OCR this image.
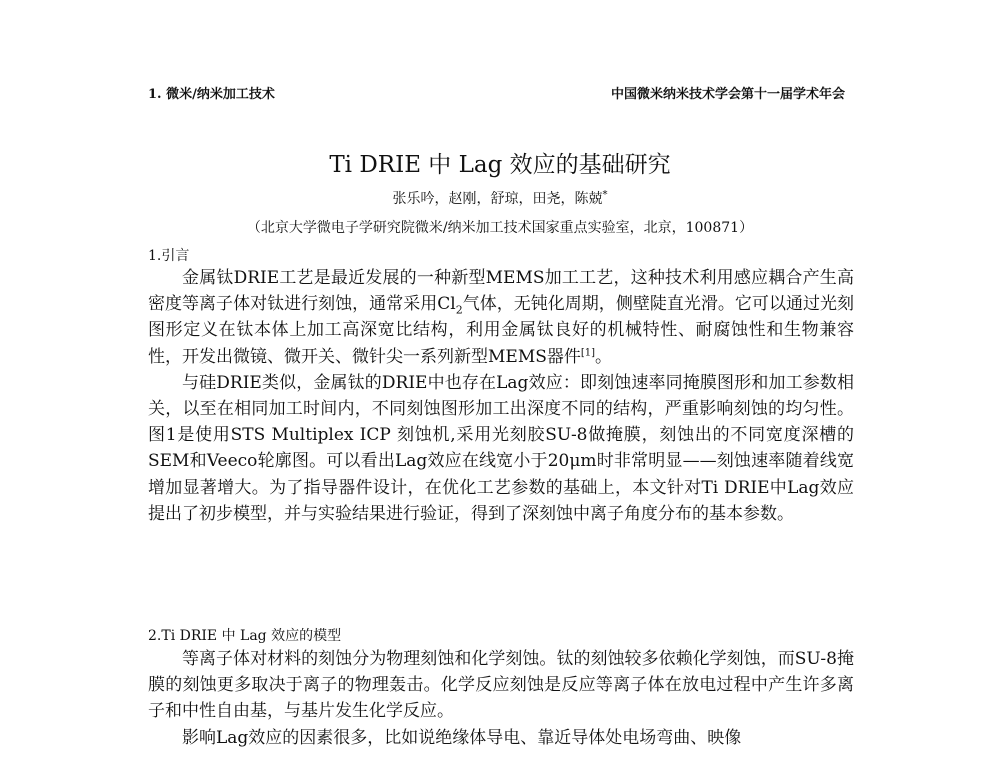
1. 微米/纳米加工技术	中国微米纳米技术学会第十一届学术年会
Ti DRIE 中 Lag 效应的基础研究
张乐吟，赵刚，舒琼，田尧，陈兢*
（北京大学微电子学研究院微米/纳米加工技术国家重点实验室，北京，100871）
1.引言

金属钛DRIE工艺是最近发展的一种新型MEMS加工工艺，这种技术利用感应耦合产生高密度等离子体对钛进行刻蚀，通常采用$Cl_2$气体，无钝化周期，侧壁陡直光滑。它可以通过光刻图形定义在钛本体上加工高深宽比结构，利用金属钛良好的机械特性、耐腐蚀性和生物兼容性，开发出微镜、微开关、微针尖一系列新型MEMS器件[1]。

与硅DRIE类似，金属钛的DRIE中也存在Lag效应：即刻蚀速率同掩膜图形和加工参数相关，以至在相同加工时间内，不同刻蚀图形加工出深度不同的结构，严重影响刻蚀的均匀性。图1是使用STS Multiplex ICP 刻蚀机,采用光刻胶SU-8做掩膜，刻蚀出的不同宽度深槽的SEM和Veeco轮廓图。可以看出Lag效应在线宽小于20μm时非常明显——刻蚀速率随着线宽增加显著增大。为了指导器件设计，在优化工艺参数的基础上，本文针对Ti DRIE中Lag效应提出了初步模型，并与实验结果进行验证，得到了深刻蚀中离子角度分布的基本参数。

2.Ti DRIE 中 Lag 效应的模型

等离子体对材料的刻蚀分为物理刻蚀和化学刻蚀。钛的刻蚀较多依赖化学刻蚀，而SU-8掩膜的刻蚀更多取决于离子的物理轰击。化学反应刻蚀是反应等离子体在放电过程中产生许多离子和中性自由基，与基片发生化学反应。

影响Lag效应的因素很多，比如说绝缘体导电、靠近导体处电场弯曲、映像
